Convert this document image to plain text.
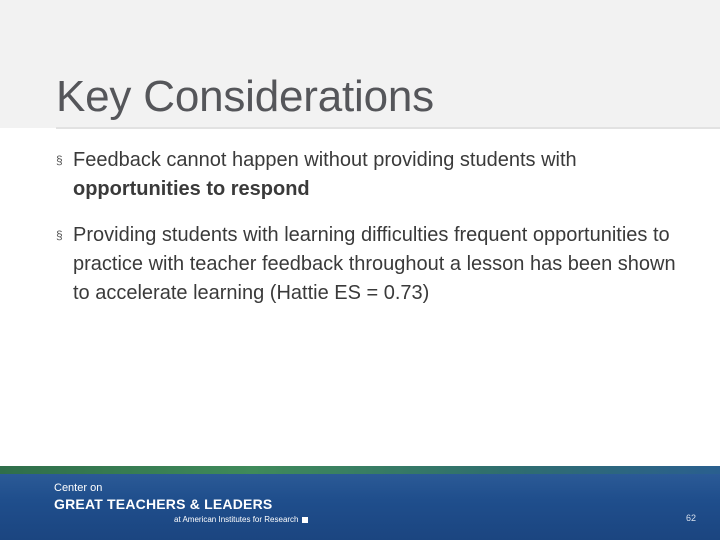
Key Considerations
§ Feedback cannot happen without providing students with opportunities to respond
§ Providing students with learning difficulties frequent opportunities to practice with teacher feedback throughout a lesson has been shown to accelerate learning (Hattie ES = 0.73)
Center on
GREAT TEACHERS & LEADERS
at American Institutes for Research	62
